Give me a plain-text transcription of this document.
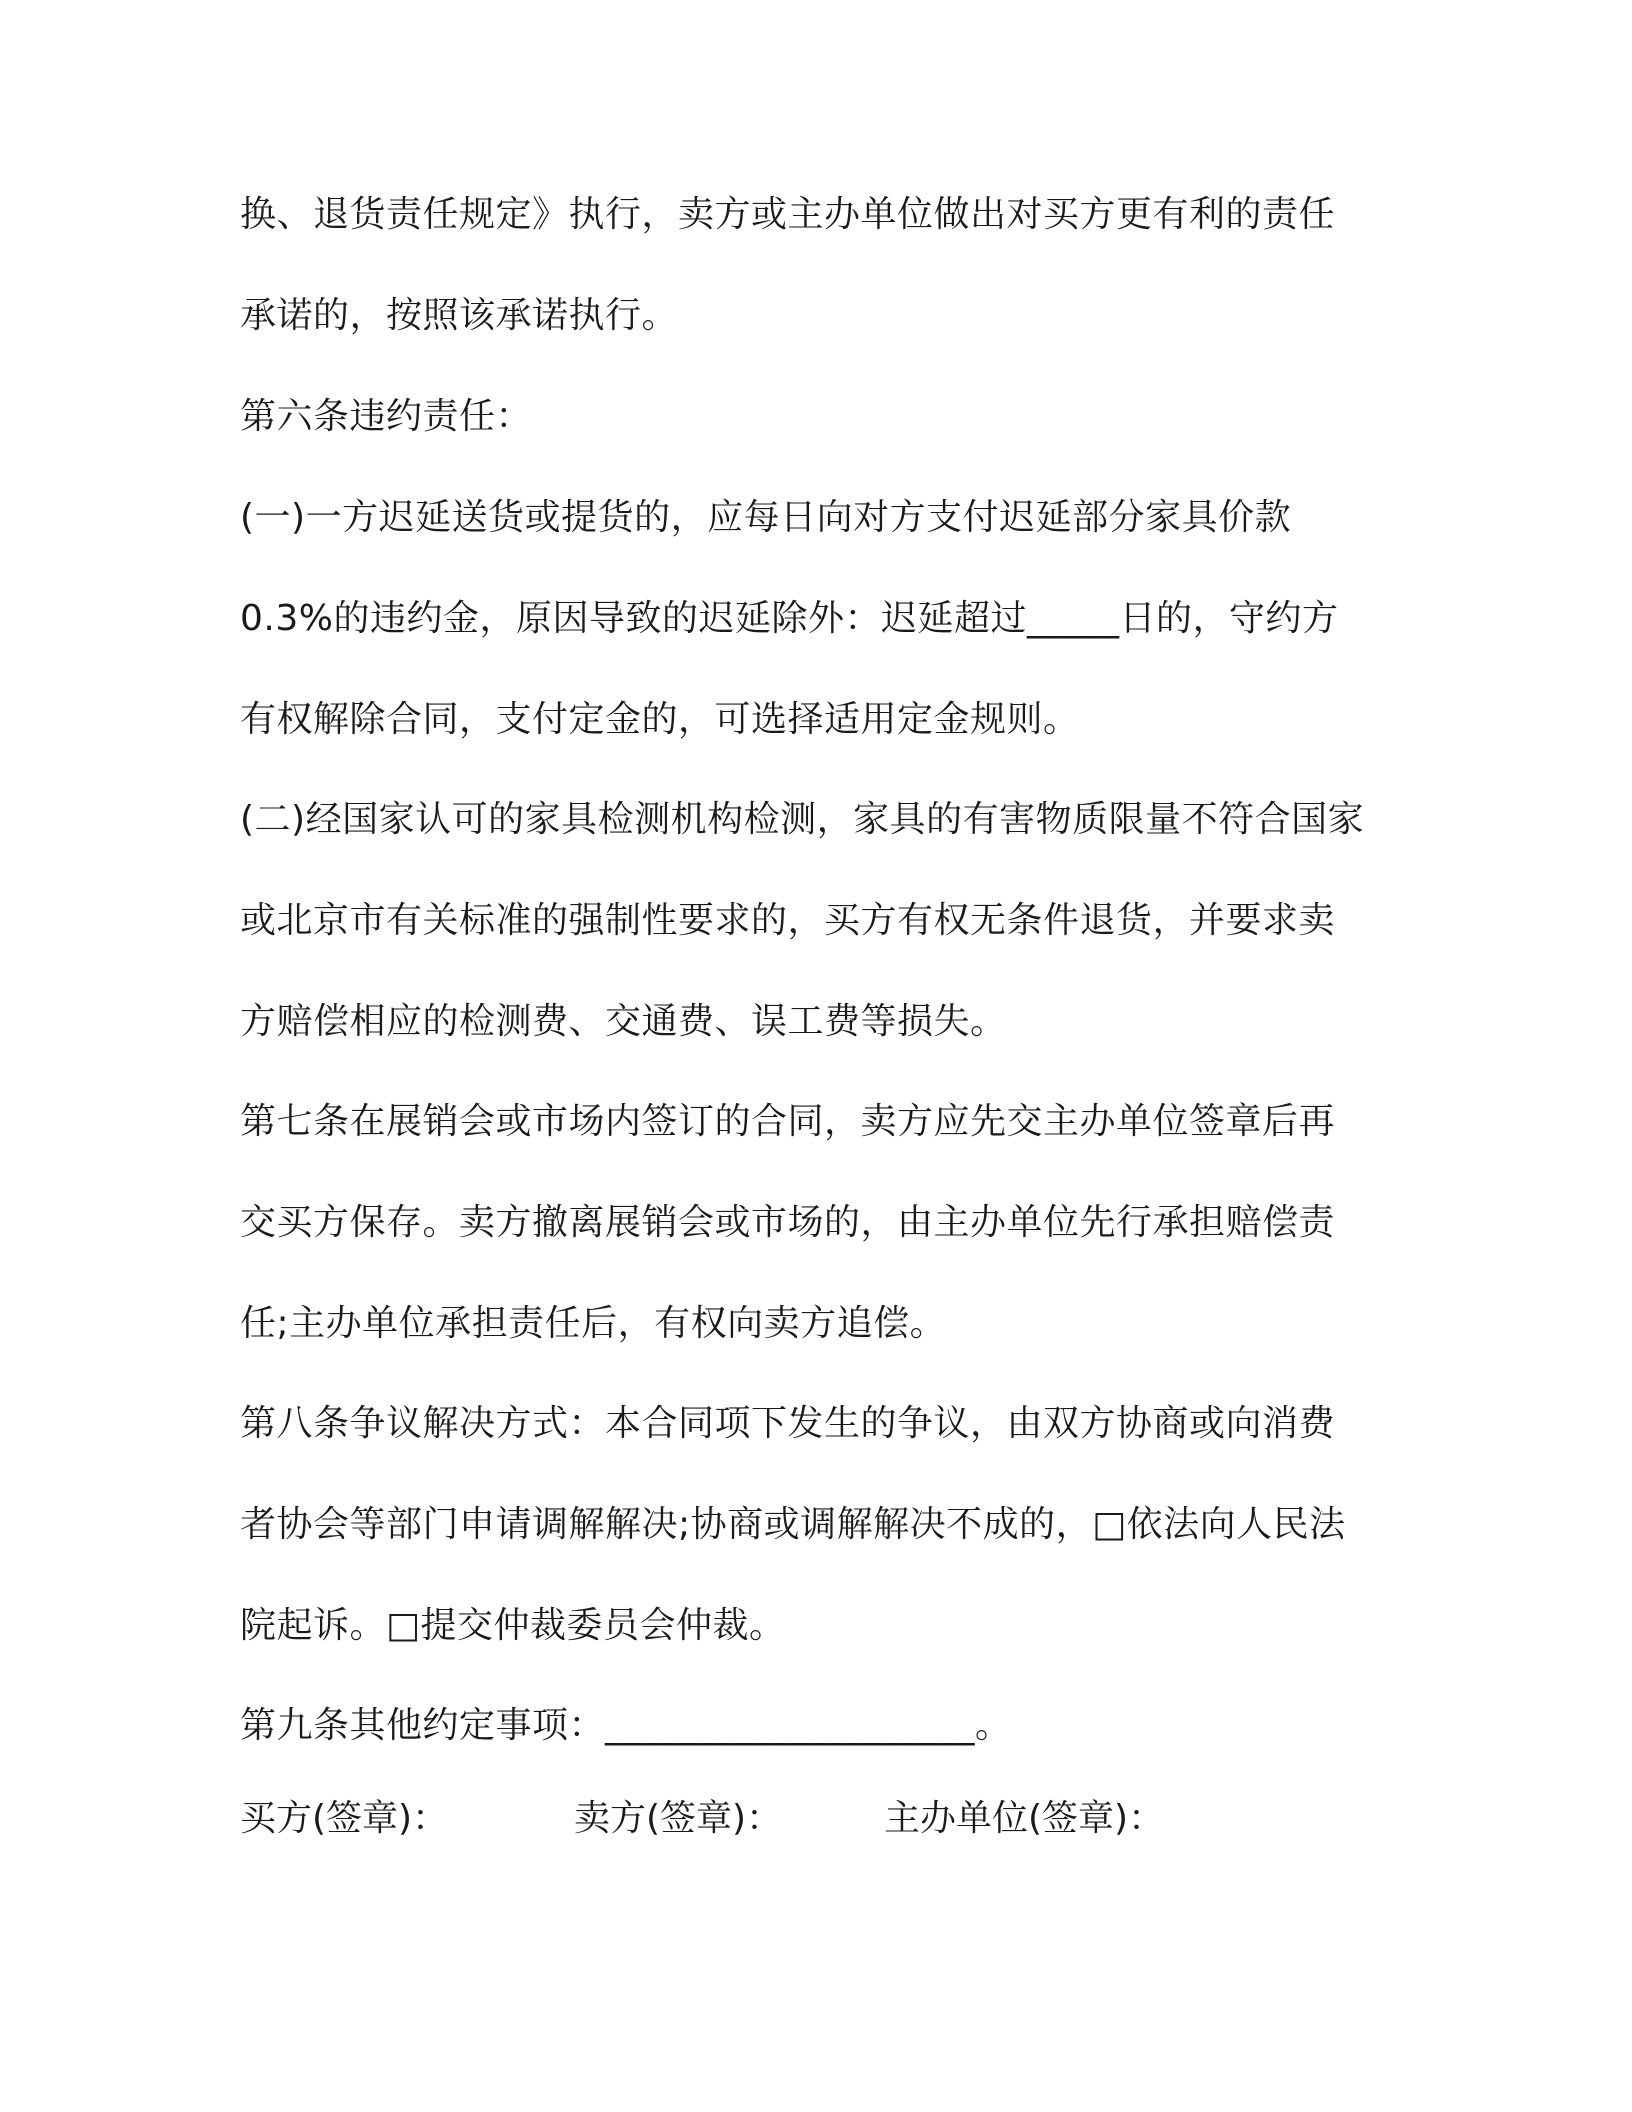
换、退货责任规定》执行，卖方或主办单位做出对买方更有利的责任
承诺的，按照该承诺执行。
第六条违约责任：
(一)一方迟延送货或提货的，应每日向对方支付迟延部分家具价款
0.3%的违约金，原因导致的迟延除外：迟延超过_____日的，守约方
有权解除合同，支付定金的，可选择适用定金规则。
(二)经国家认可的家具检测机构检测，家具的有害物质限量不符合国家
或北京市有关标准的强制性要求的，买方有权无条件退货，并要求卖
方赔偿相应的检测费、交通费、误工费等损失。
第七条在展销会或市场内签订的合同，卖方应先交主办单位签章后再
交买方保存。卖方撤离展销会或市场的，由主办单位先行承担赔偿责
任;主办单位承担责任后，有权向卖方追偿。
第八条争议解决方式：本合同项下发生的争议，由双方协商或向消费
者协会等部门申请调解解决;协商或调解解决不成的，□依法向人民法
院起诉。□提交仲裁委员会仲裁。
第九条其他约定事项：____________________。
买方(签章)：	卖方(签章)：	主办单位(签章)：
